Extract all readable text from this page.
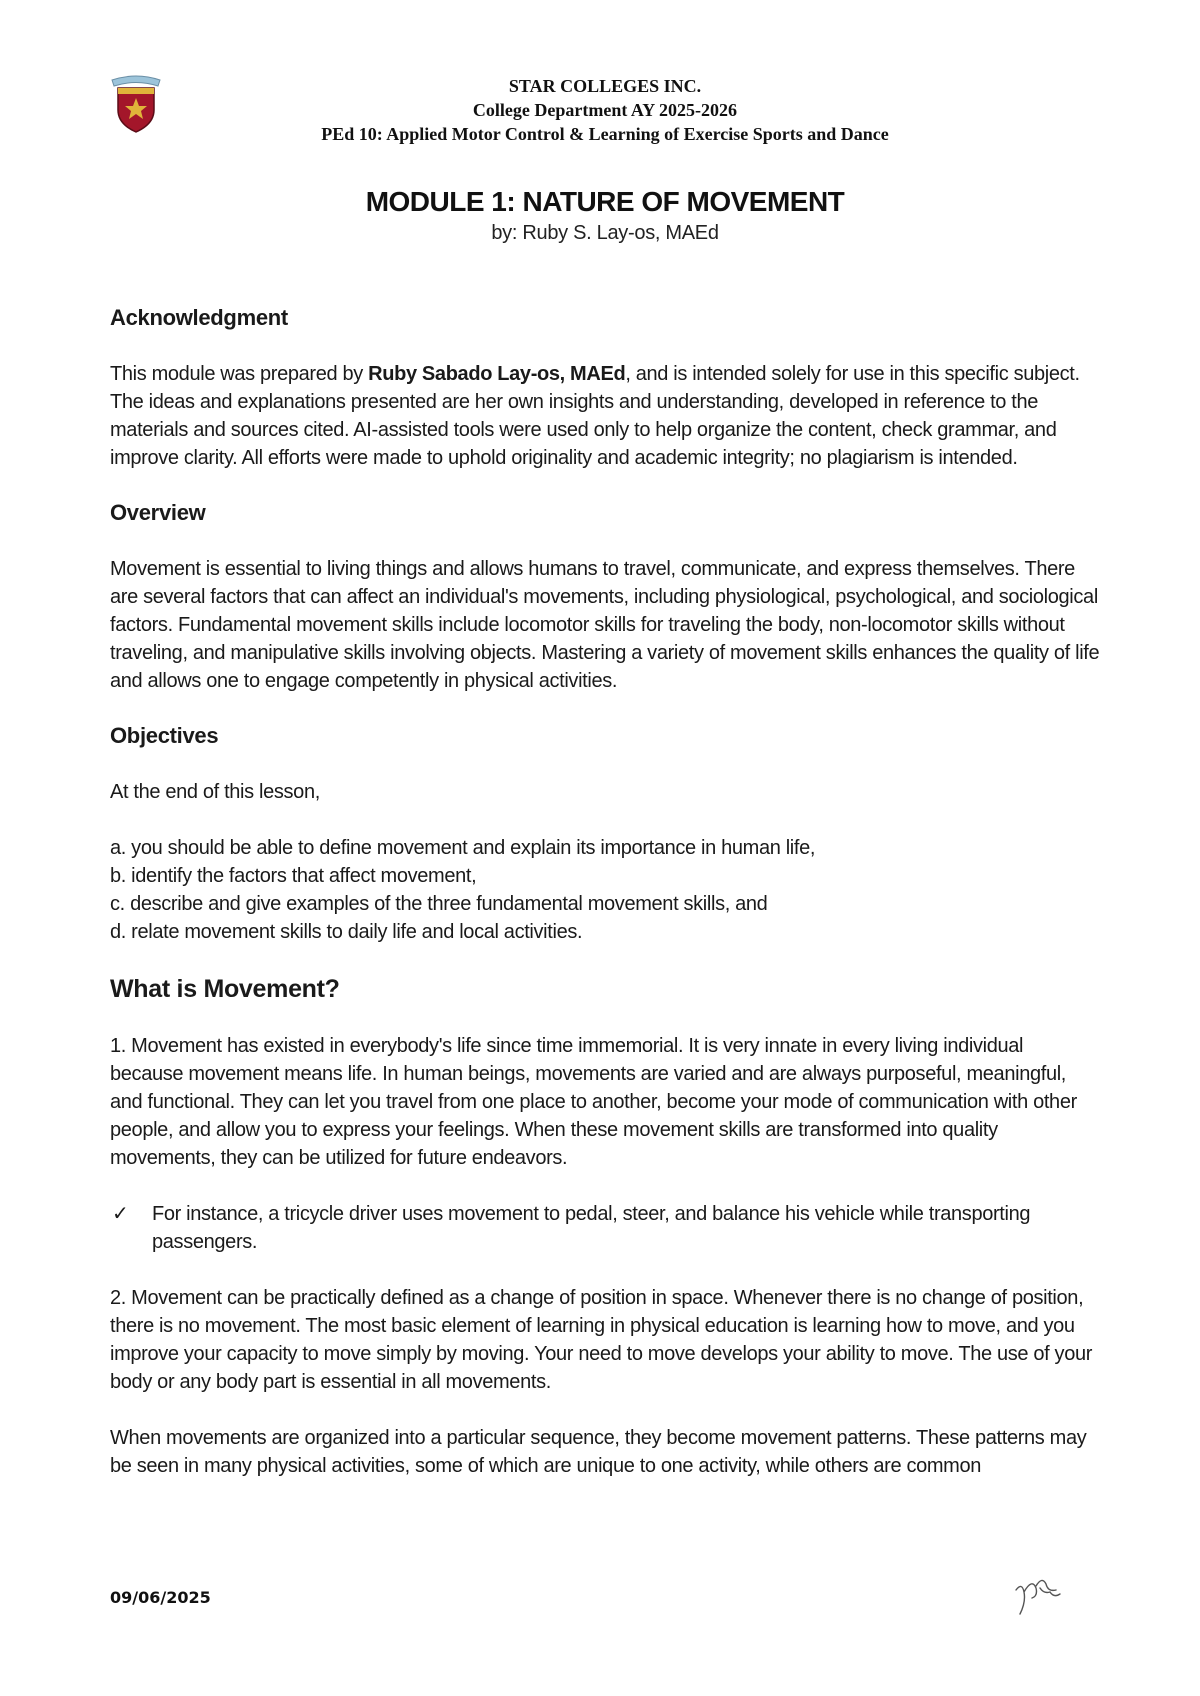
STAR COLLEGES INC.
College Department AY 2025-2026
PEd 10: Applied Motor Control & Learning of Exercise Sports and Dance
MODULE 1: NATURE OF MOVEMENT
by: Ruby S. Lay-os, MAEd
Acknowledgment

This module was prepared by Ruby Sabado Lay-os, MAEd, and is intended solely for use in this specific subject. The ideas and explanations presented are her own insights and understanding, developed in reference to the materials and sources cited. AI-assisted tools were used only to help organize the content, check grammar, and improve clarity. All efforts were made to uphold originality and academic integrity; no plagiarism is intended.

Overview

Movement is essential to living things and allows humans to travel, communicate, and express themselves. There are several factors that can affect an individual's movements, including physiological, psychological, and sociological factors. Fundamental movement skills include locomotor skills for traveling the body, non-locomotor skills without traveling, and manipulative skills involving objects. Mastering a variety of movement skills enhances the quality of life and allows one to engage competently in physical activities.

Objectives

At the end of this lesson,

a. you should be able to define movement and explain its importance in human life,

b. identify the factors that affect movement,

c. describe and give examples of the three fundamental movement skills, and

d. relate movement skills to daily life and local activities.

What is Movement?

1. Movement has existed in everybody's life since time immemorial. It is very innate in every living individual because movement means life. In human beings, movements are varied and are always purposeful, meaningful, and functional. They can let you travel from one place to another, become your mode of communication with other people, and allow you to express your feelings. When these movement skills are transformed into quality movements, they can be utilized for future endeavors.

✓ For instance, a tricycle driver uses movement to pedal, steer, and balance his vehicle while transporting passengers.

2. Movement can be practically defined as a change of position in space. Whenever there is no change of position, there is no movement. The most basic element of learning in physical education is learning how to move, and you improve your capacity to move simply by moving. Your need to move develops your ability to move. The use of your body or any body part is essential in all movements.

When movements are organized into a particular sequence, they become movement patterns. These patterns may be seen in many physical activities, some of which are unique to one activity, while others are common

09/06/2025
